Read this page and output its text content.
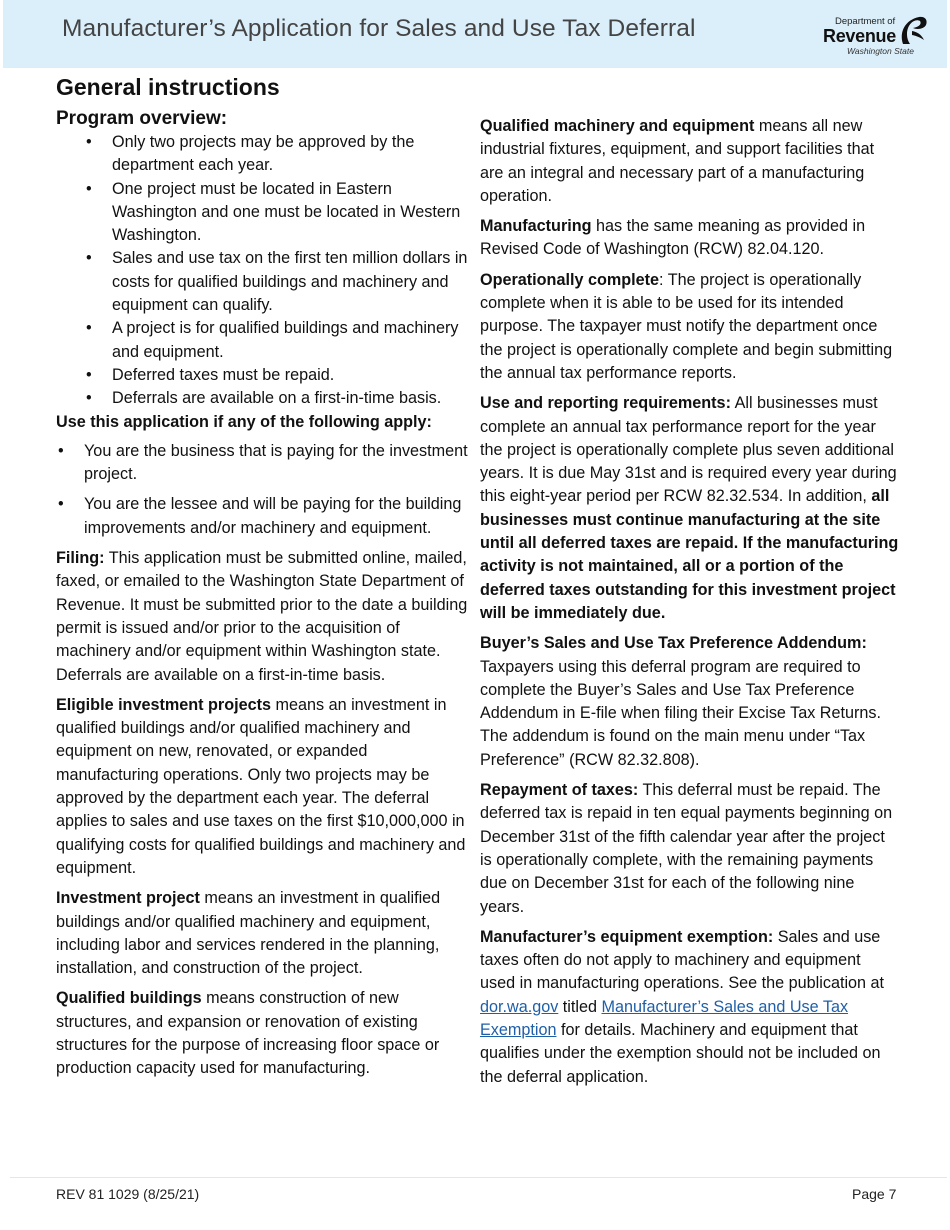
Manufacturer’s Application for Sales and Use Tax Deferral	Department of
Revenue
Washington State
General instructions
Program overview:
• Only two projects may be approved by the department each year.
• One project must be located in Eastern Washington and one must be located in Western Washington.
• Sales and use tax on the first ten million dollars in costs for qualified buildings and machinery and equipment can qualify.
• A project is for qualified buildings and machinery and equipment.
• Deferred taxes must be repaid.
• Deferrals are available on a first-in-time basis.
Use this application if any of the following apply:
• You are the business that is paying for the investment project.
• You are the lessee and will be paying for the building improvements and/or machinery and equipment.

Filing: This application must be submitted online, mailed, faxed, or emailed to the Washington State Department of Revenue. It must be submitted prior to the date a building permit is issued and/or prior to the acquisition of machinery and/or equipment within Washington state. Deferrals are available on a first-in-time basis.

Eligible investment projects means an investment in qualified buildings and/or qualified machinery and equipment on new, renovated, or expanded manufacturing operations. Only two projects may be approved by the department each year. The deferral applies to sales and use taxes on the first $10,000,000 in qualifying costs for qualified buildings and machinery and equipment.

Investment project means an investment in qualified buildings and/or qualified machinery and equipment, including labor and services rendered in the planning, installation, and construction of the project.

Qualified buildings means construction of new structures, and expansion or renovation of existing structures for the purpose of increasing floor space or production capacity used for manufacturing.

Qualified machinery and equipment means all new industrial fixtures, equipment, and support facilities that are an integral and necessary part of a manufacturing operation.

Manufacturing has the same meaning as provided in Revised Code of Washington (RCW) 82.04.120.

Operationally complete: The project is operationally complete when it is able to be used for its intended purpose. The taxpayer must notify the department once the project is operationally complete and begin submitting the annual tax performance reports.

Use and reporting requirements: All businesses must complete an annual tax performance report for the year the project is operationally complete plus seven additional years. It is due May 31st and is required every year during this eight-year period per RCW 82.32.534. In addition, all businesses must continue manufacturing at the site until all deferred taxes are repaid. If the manufacturing activity is not maintained, all or a portion of the deferred taxes outstanding for this investment project will be immediately due.

Buyer’s Sales and Use Tax Preference Addendum: Taxpayers using this deferral program are required to complete the Buyer’s Sales and Use Tax Preference Addendum in E-file when filing their Excise Tax Returns. The addendum is found on the main menu under “Tax Preference” (RCW 82.32.808).

Repayment of taxes: This deferral must be repaid. The deferred tax is repaid in ten equal payments beginning on December 31st of the fifth calendar year after the project is operationally complete, with the remaining payments due on December 31st for each of the following nine years.

Manufacturer’s equipment exemption: Sales and use taxes often do not apply to machinery and equipment used in manufacturing operations. See the publication at dor.wa.gov titled Manufacturer’s Sales and Use Tax Exemption for details. Machinery and equipment that qualifies under the exemption should not be included on the deferral application.

REV 81 1029 (8/25/21)	Page 7
